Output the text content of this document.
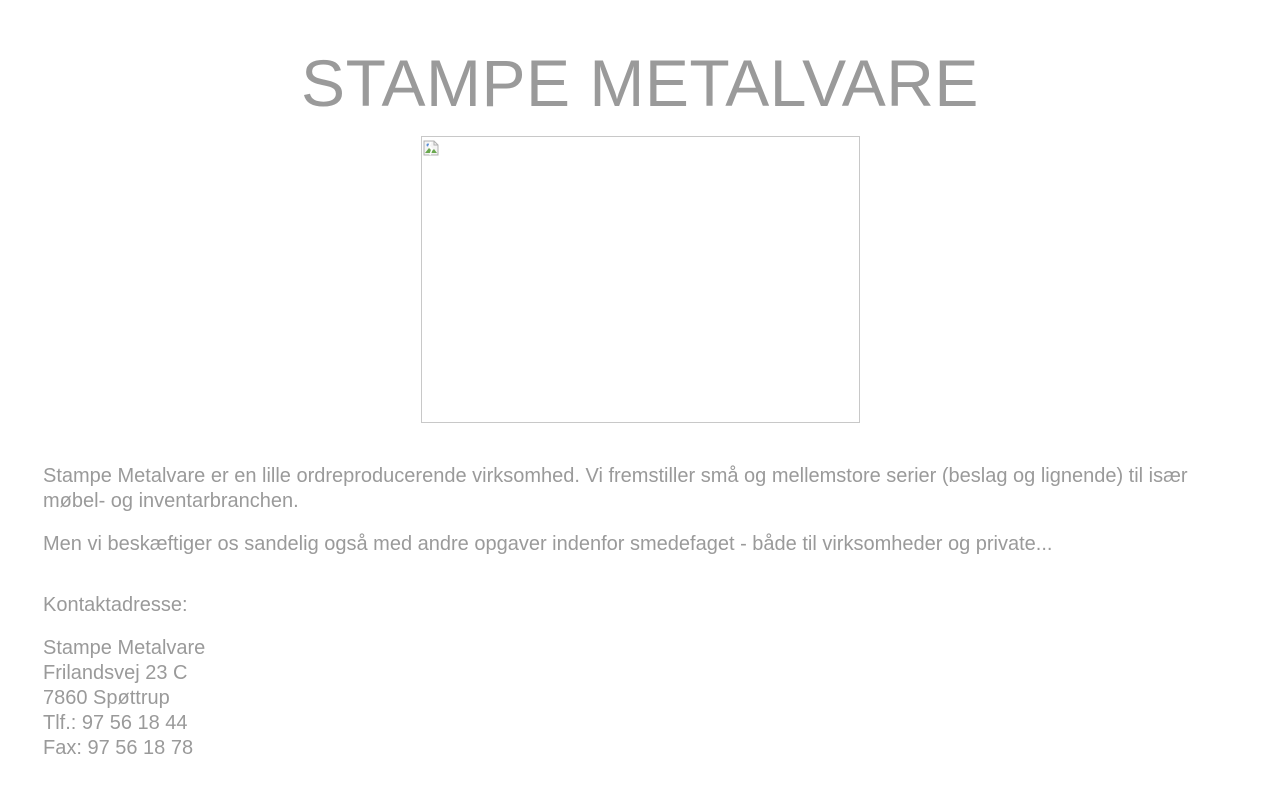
STAMPE METALVARE

Stampe Metalvare er en lille ordreproducerende virksomhed. Vi fremstiller små og mellemstore serier (beslag og lignende) til især møbel- og inventarbranchen.

Men vi beskæftiger os sandelig også med andre opgaver indenfor smedefaget - både til virksomheder og private...

Kontaktadresse:

Stampe Metalvare
Frilandsvej 23 C
7860 Spøttrup
Tlf.: 97 56 18 44
Fax: 97 56 18 78
